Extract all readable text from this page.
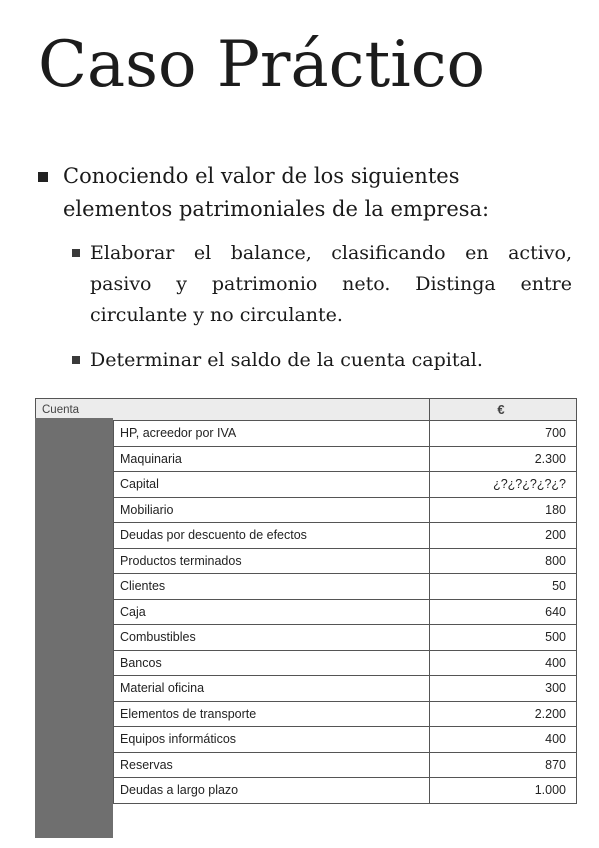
Caso Práctico
Conociendo el valor de los siguientes elementos patrimoniales de la empresa:
Elaborar el balance, clasificando en activo, pasivo y patrimonio neto. Distinga entre circulante y no circulante.
Determinar el saldo de la cuenta capital.
Cuenta		€
	HP, acreedor por IVA	700
	Maquinaria	2.300
	Capital	¿?¿?¿?¿?¿?
	Mobiliario	180
	Deudas por descuento de efectos	200
	Productos terminados	800
	Clientes	50
	Caja	640
	Combustibles	500
	Bancos	400
	Material oficina	300
	Elementos de transporte	2.200
	Equipos informáticos	400
	Reservas	870
	Deudas a largo plazo	1.000
